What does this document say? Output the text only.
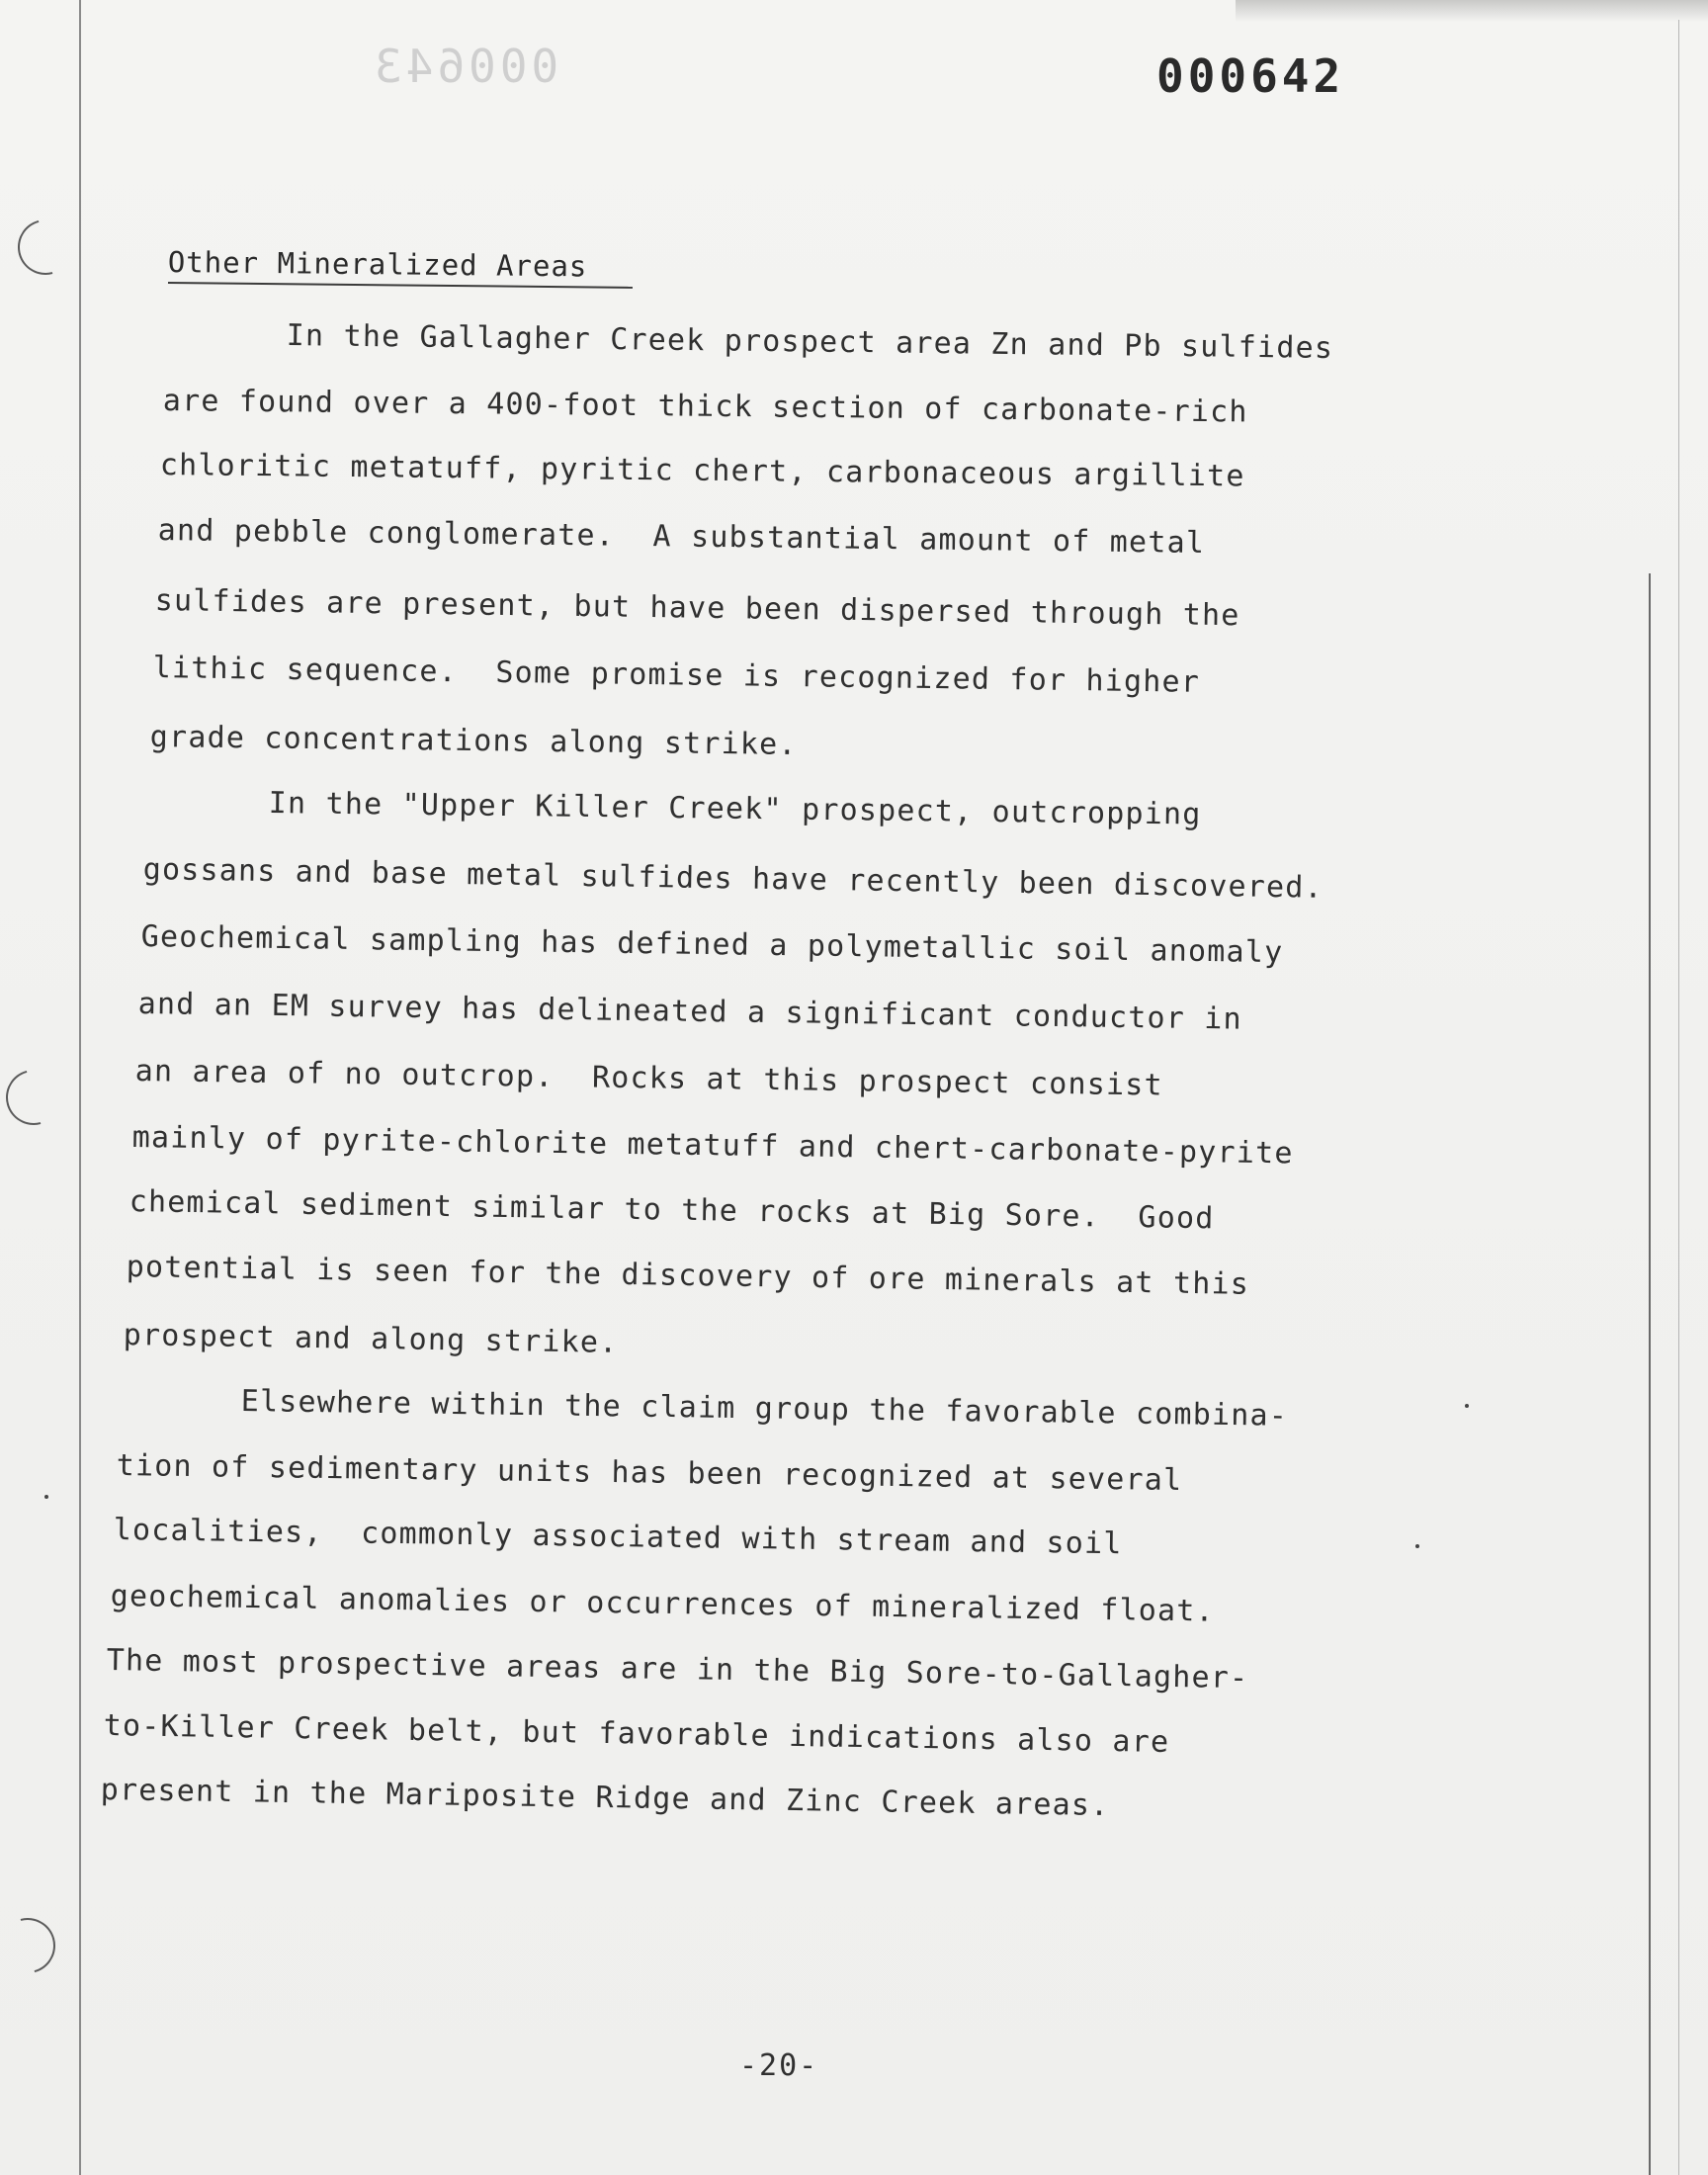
000643	000642
Other Mineralized Areas
In the Gallagher Creek prospect area Zn and Pb sulfides
are found over a 400-foot thick section of carbonate-rich
chloritic metatuff, pyritic chert, carbonaceous argillite
and pebble conglomerate.  A substantial amount of metal
sulfides are present, but have been dispersed through the
lithic sequence.  Some promise is recognized for higher
grade concentrations along strike.
In the "Upper Killer Creek" prospect, outcropping
gossans and base metal sulfides have recently been discovered.
Geochemical sampling has defined a polymetallic soil anomaly
and an EM survey has delineated a significant conductor in
an area of no outcrop.  Rocks at this prospect consist
mainly of pyrite-chlorite metatuff and chert-carbonate-pyrite
chemical sediment similar to the rocks at Big Sore.  Good
potential is seen for the discovery of ore minerals at this
prospect and along strike.
Elsewhere within the claim group the favorable combina-
tion of sedimentary units has been recognized at several
localities,  commonly associated with stream and soil
geochemical anomalies or occurrences of mineralized float.
The most prospective areas are in the Big Sore-to-Gallagher-
to-Killer Creek belt, but favorable indications also are
present in the Mariposite Ridge and Zinc Creek areas.
-20-
